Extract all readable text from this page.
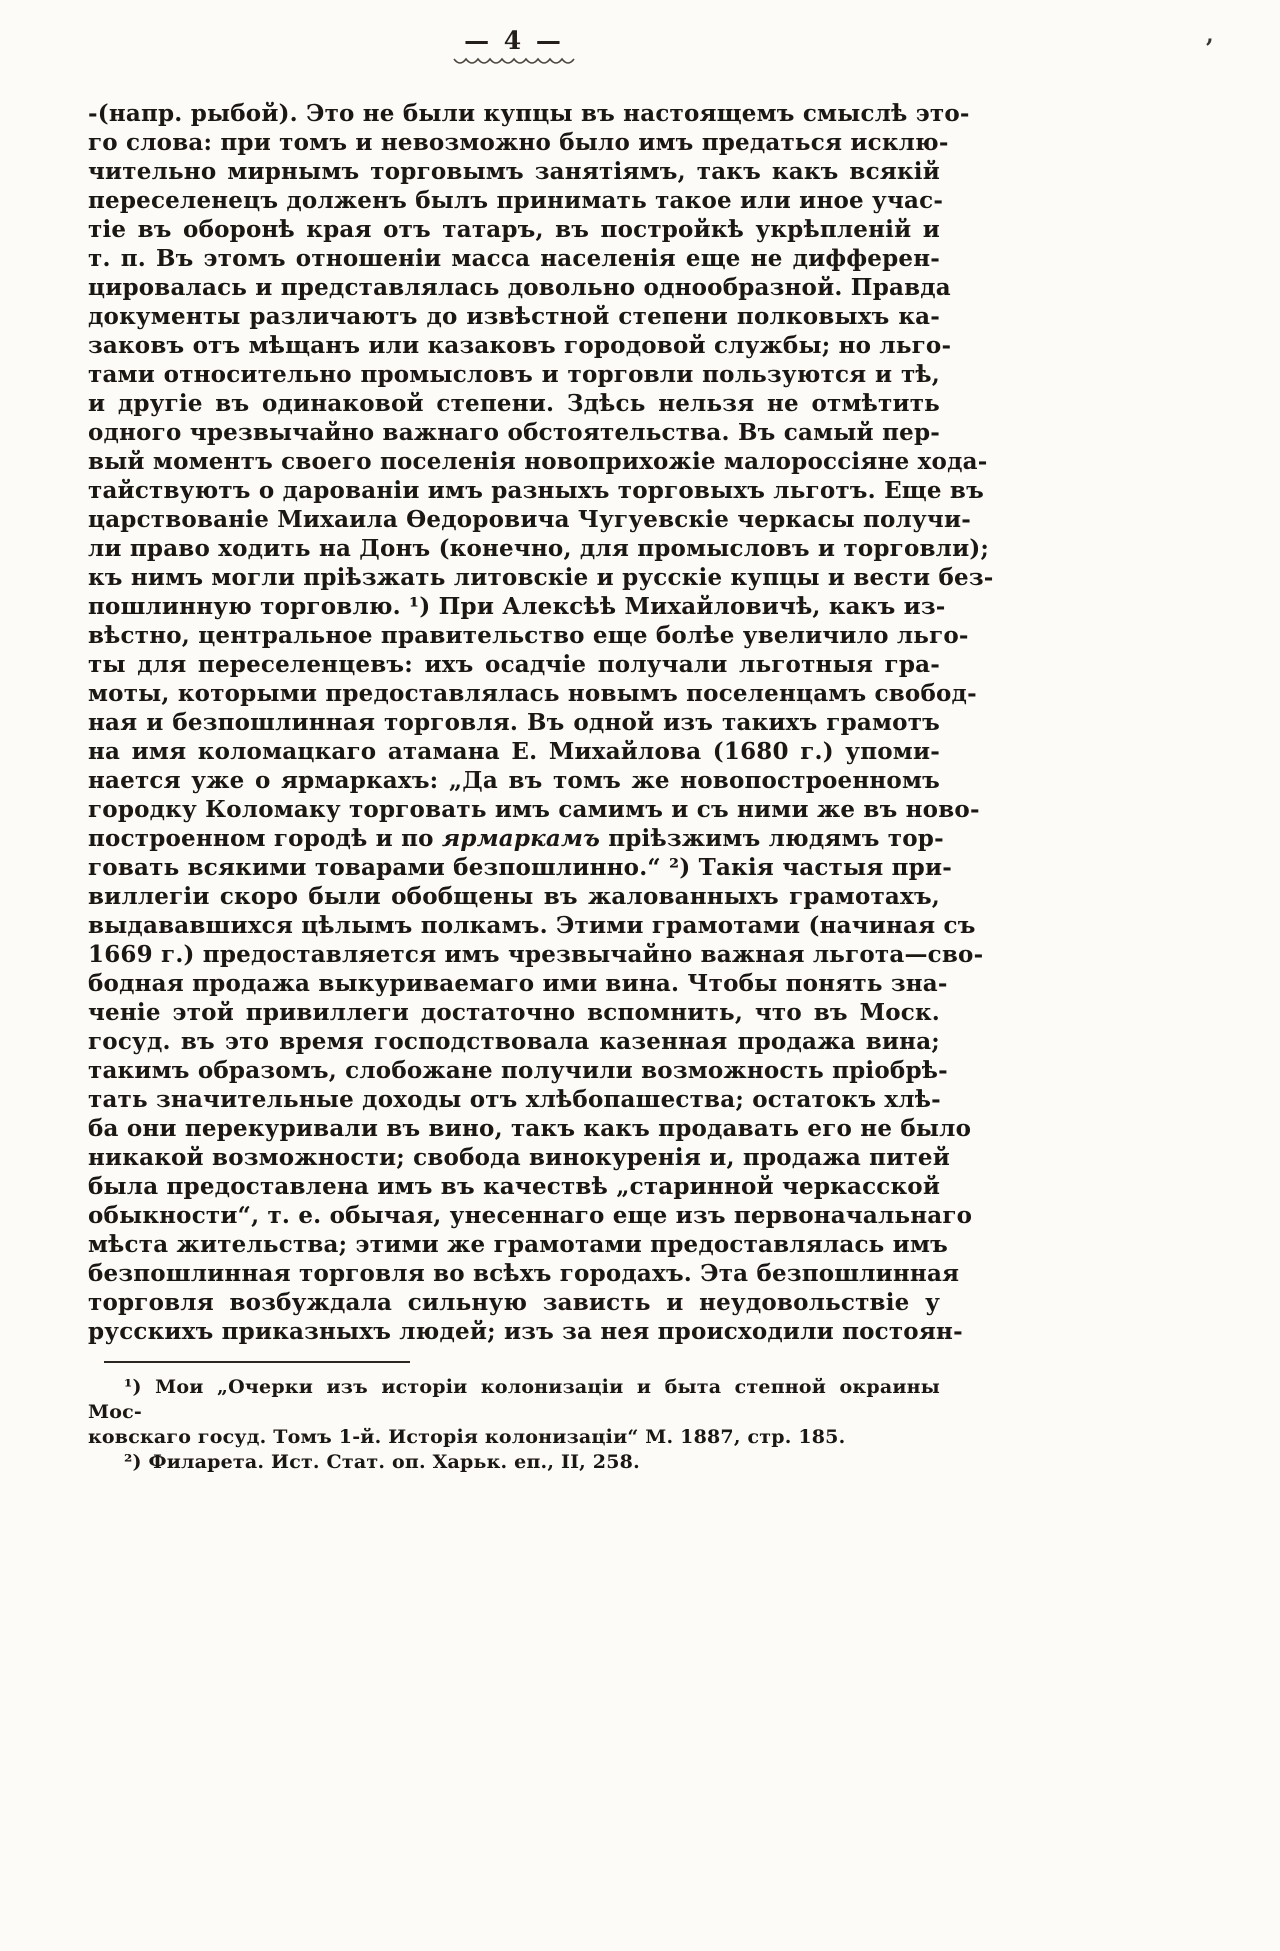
,
— 4 —
-(напр. рыбой). Это не были купцы въ настоящемъ смыслѣ это-
го слова: при томъ и невозможно было имъ предаться исклю-
чительно мирнымъ торговымъ занятіямъ, такъ какъ всякій
переселенецъ долженъ былъ принимать такое или иное учас-
тіе въ оборонѣ края отъ татаръ, въ постройкѣ укрѣпленій и
т. п. Въ этомъ отношеніи масса населенія еще не дифферен-
цировалась и представлялась довольно однообразной. Правда
документы различаютъ до извѣстной степени полковыхъ ка-
заковъ отъ мѣщанъ или казаковъ городовой службы; но льго-
тами относительно промысловъ и торговли пользуются и тѣ,
и другіе въ одинаковой степени. Здѣсь нельзя не отмѣтить
одного чрезвычайно важнаго обстоятельства. Въ самый пер-
вый моментъ своего поселенія новоприхожіе малороссіяне хода-
тайствуютъ о дарованіи имъ разныхъ торговыхъ льготъ. Еще въ
царствованіе Михаила Ѳедоровича Чугуевскіе черкасы получи-
ли право ходить на Донъ (конечно, для промысловъ и торговли);
къ нимъ могли пріѣзжать литовскіе и русскіе купцы и вести без-
пошлинную торговлю. ¹) При Алексѣѣ Михайловичѣ, какъ из-
вѣстно, центральное правительство еще болѣе увеличило льго-
ты для переселенцевъ: ихъ осадчіе получали льготныя гра-
моты, которыми предоставлялась новымъ поселенцамъ свобод-
ная и безпошлинная торговля. Въ одной изъ такихъ грамотъ
на имя коломацкаго атамана Е. Михайлова (1680 г.) упоми-
нается уже о ярмаркахъ: „Да въ томъ же новопостроенномъ
городку Коломаку торговать имъ самимъ и съ ними же въ ново-
построенном городѣ и по ярмаркамъ пріѣзжимъ людямъ тор-
говать всякими товарами безпошлинно.“ ²) Такія частыя при-
виллегіи скоро были обобщены въ жалованныхъ грамотахъ,
выдававшихся цѣлымъ полкамъ. Этими грамотами (начиная съ
1669 г.) предоставляется имъ чрезвычайно важная льгота—сво-
бодная продажа выкуриваемаго ими вина. Чтобы понять зна-
ченіе этой привиллеги достаточно вспомнить, что въ Моск.
госуд. въ это время господствовала казенная продажа вина;
такимъ образомъ, слобожане получили возможность пріобрѣ-
тать значительные доходы отъ хлѣбопашества; остатокъ хлѣ-
ба они перекуривали въ вино, такъ какъ продавать его не было
никакой возможности; свобода винокуренія и, продажа питей
была предоставлена имъ въ качествѣ „старинной черкасской
обыкности“, т. е. обычая, унесеннаго еще изъ первоначальнаго
мѣста жительства; этими же грамотами предоставлялась имъ
безпошлинная торговля во всѣхъ городахъ. Эта безпошлинная
торговля возбуждала сильную зависть и неудовольствіе у
русскихъ приказныхъ людей; изъ за нея происходили постоян-
¹) Мои „Очерки изъ исторіи колонизаціи и быта степной окраины Мос-
ковскаго госуд. Томъ 1-й. Исторія колонизаціи“ М. 1887, стр. 185.
²) Филарета. Ист. Стат. оп. Харьк. еп., II, 258.
